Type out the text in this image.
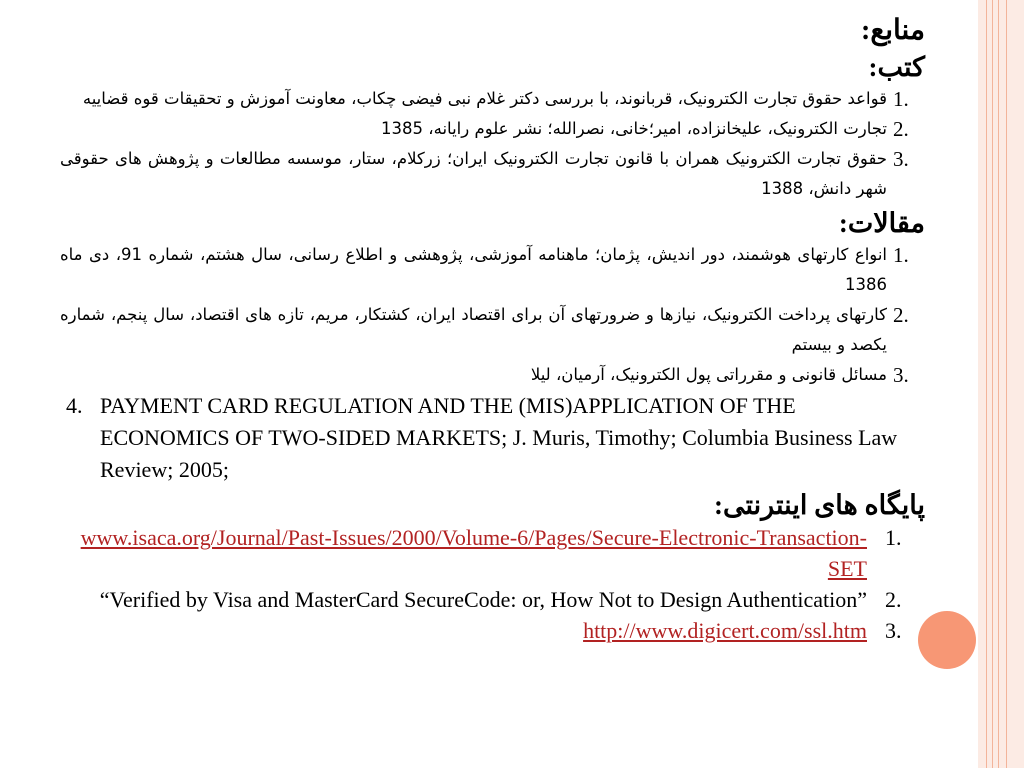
منابع:
کتب:

1.
قواعد حقوق تجارت الکترونیک، قربانوند، با بررسی دکتر غلام نبی فیضی چکاب، معاونت آموزش و تحقیقات قوه قضاییه

2.
تجارت الکترونیک، علیخانزاده، امیر؛خانی، نصرالله؛ نشر علوم رایانه، 1385

3.
حقوق تجارت الکترونیک همران با قانون تجارت الکترونیک ایران؛ زرکلام، ستار، موسسه مطالعات و پژوهش های حقوقی شهر دانش، 1388

مقالات:

1.
انواع کارتهای هوشمند، دور اندیش، پژمان؛ ماهنامه آموزشی، پژوهشی و اطلاع رسانی، سال هشتم، شماره 91، دی ماه 1386

2.
کارتهای پرداخت الکترونیک، نیازها و ضرورتهای آن برای اقتصاد ایران، کشتکار، مریم، تازه های اقتصاد، سال پنجم، شماره یکصد و بیستم

3.
مسائل قانونی و مقرراتی پول الکترونیک، آرمیان، لیلا

4. PAYMENT CARD REGULATION AND THE (MIS)APPLICATION OF THE ECONOMICS OF TWO-SIDED MARKETS; J. Muris, Timothy; Columbia Business Law Review; 2005;

پایگاه های اینترنتی:

1.
www.isaca.org/Journal/Past-Issues/2000/Volume-6/Pages/Secure-Electronic-Transaction-SET

2.
“Verified by Visa and MasterCard SecureCode: or, How Not to Design Authentication”

3.
http://www.digicert.com/ssl.htm
